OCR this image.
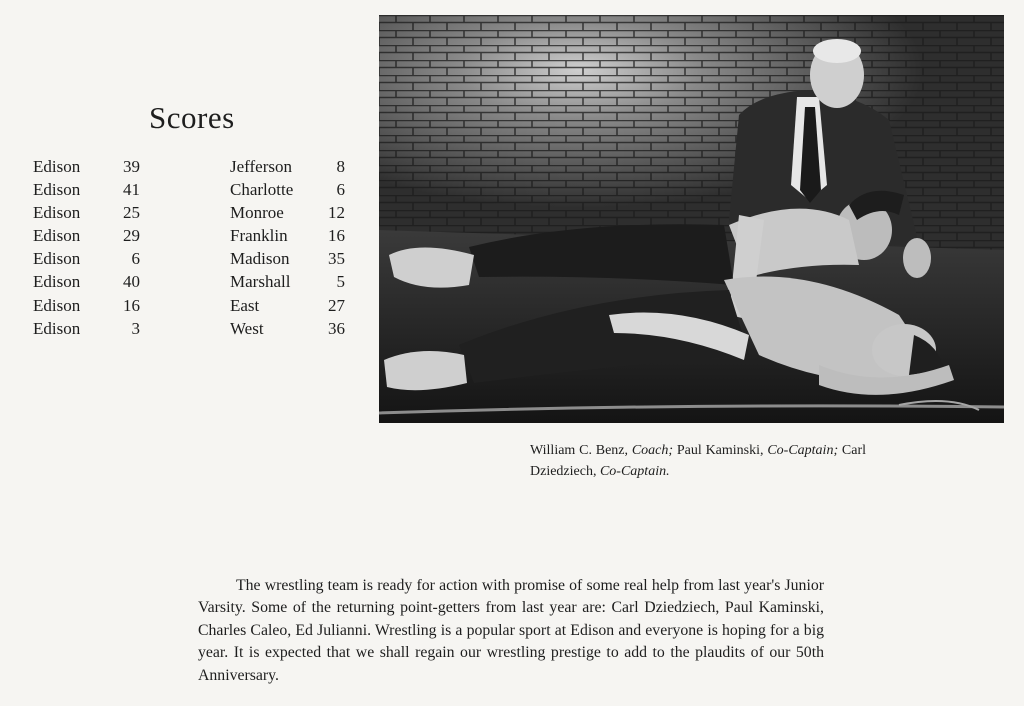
Scores
Edison	39		Jefferson	8
Edison	41		Charlotte	6
Edison	25		Monroe	12
Edison	29		Franklin	16
Edison	6		Madison	35
Edison	40		Marshall	5
Edison	16		East	27
Edison	3		West	36

William C. Benz, Coach; Paul Kaminski, Co-Captain; Carl Dziedziech, Co-Captain.

The wrestling team is ready for action with promise of some real help from last year's Junior Varsity. Some of the returning point-getters from last year are: Carl Dziedziech, Paul Kaminski, Charles Caleo, Ed Julianni. Wrestling is a popular sport at Edison and everyone is hoping for a big year. It is expected that we shall regain our wrestling prestige to add to the plaudits of our 50th Anniversary.
